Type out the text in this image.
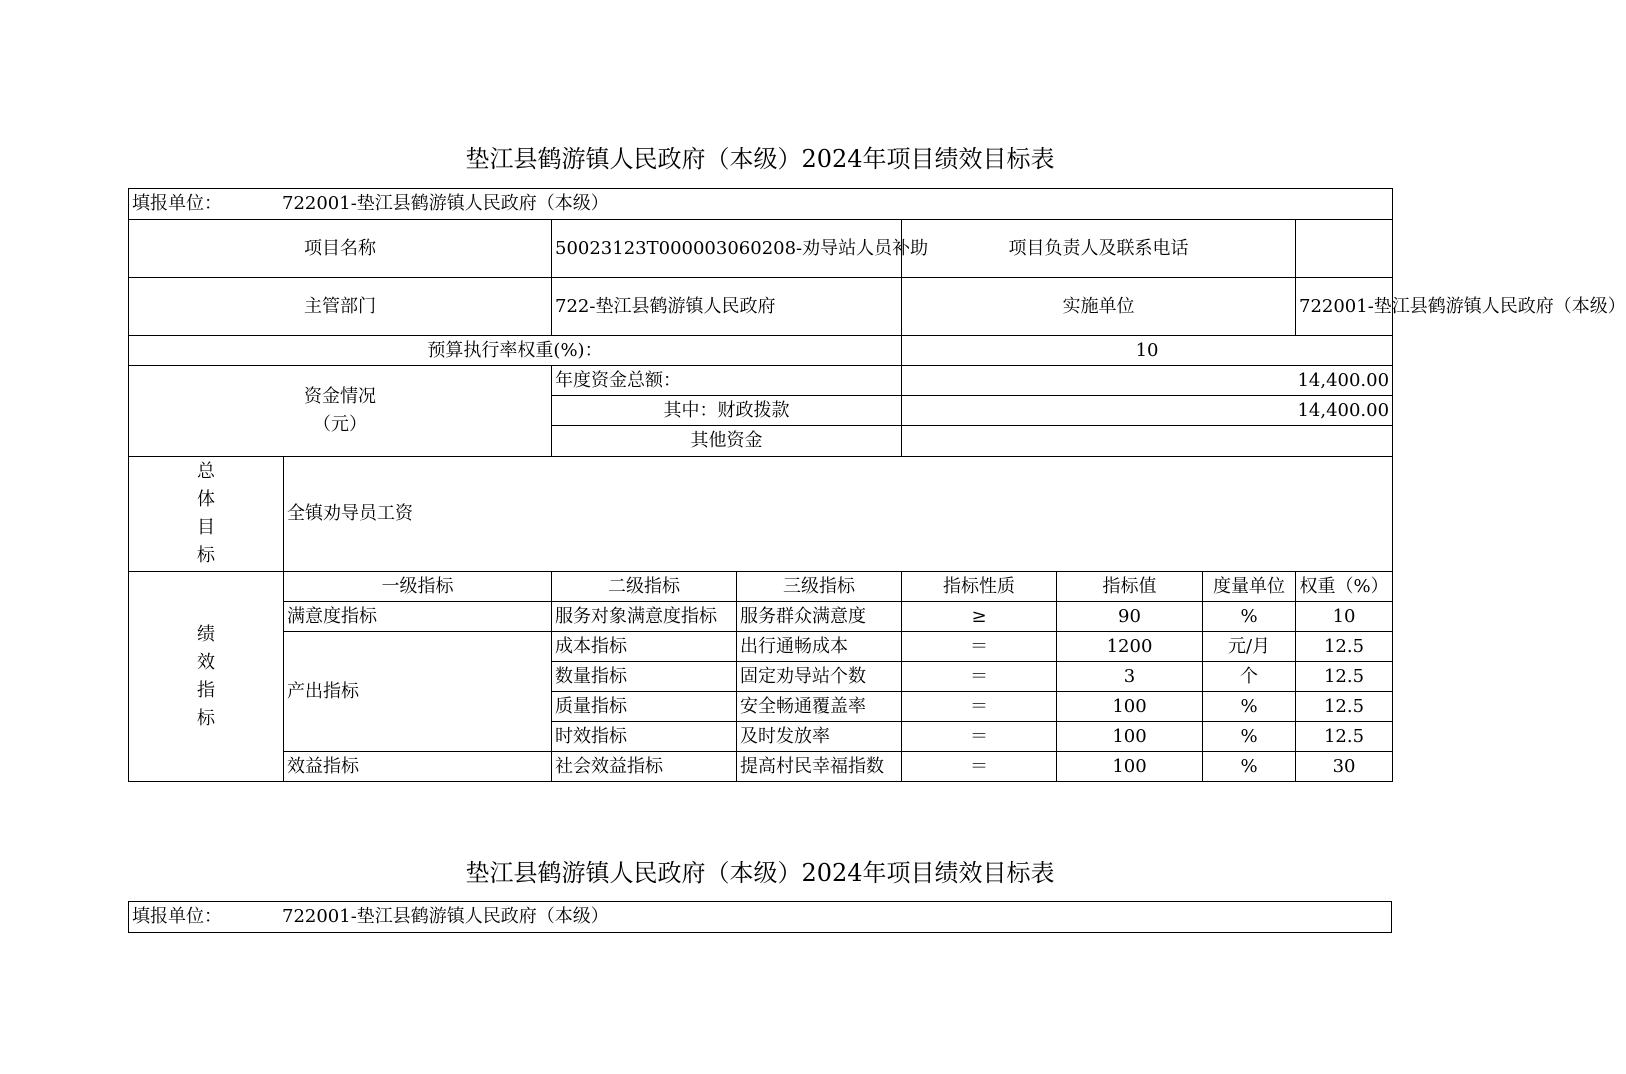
垫江县鹤游镇人民政府（本级）2024年项目绩效目标表
填报单位： 722001-垫江县鹤游镇人民政府（本级）							
项目名称		50023123T000003060208-劝导站人员补助		项目负责人及联系电话			
主管部门		722-垫江县鹤游镇人民政府		实施单位			722001-垫江县鹤游镇人民政府（本级）
预算执行率权重(%)：				10			

资金情况
（元）		年度资金总额：		14,400.00			
		其中：财政拨款		14,400.00			
		其他资金					

总
体
目
标	全镇劝导员工资						

绩
效
指
标	一级指标	二级指标	三级指标	指标性质	指标值	度量单位	权重（%）
	满意度指标	服务对象满意度指标	服务群众满意度	≥	90	%	10
	产出指标	成本指标	出行通畅成本	＝	1200	元/月	12.5
		数量指标	固定劝导站个数	＝	3	个	12.5
		质量指标	安全畅通覆盖率	＝	100	%	12.5
		时效指标	及时发放率	＝	100	%	12.5
	效益指标	社会效益指标	提高村民幸福指数	＝	100	%	30
垫江县鹤游镇人民政府（本级）2024年项目绩效目标表
填报单位：	722001-垫江县鹤游镇人民政府（本级）
